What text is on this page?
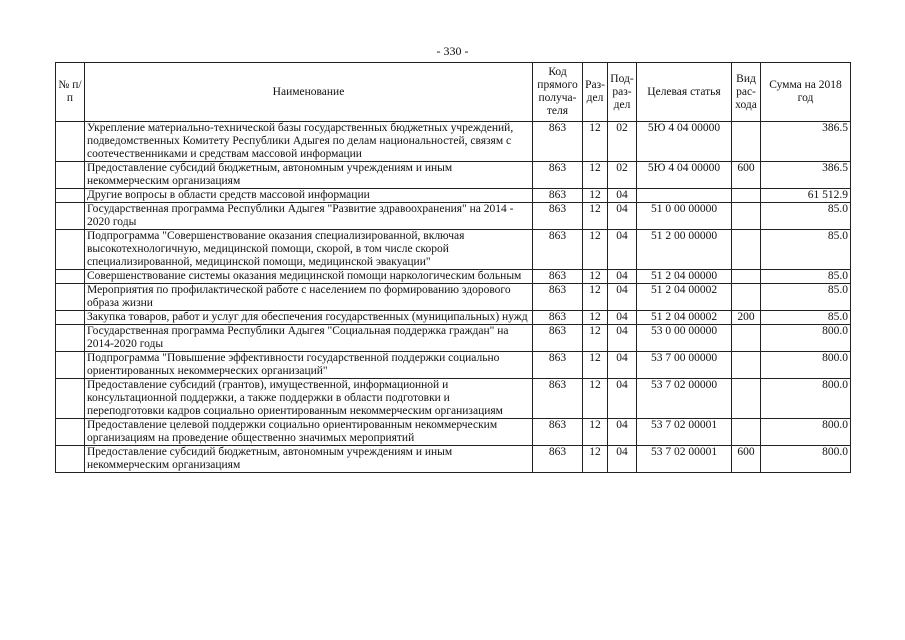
- 330 -
№ п/п	Наименование	Код прямого получа-теля	Раз-дел	Под-раз-дел	Целевая статья	Вид рас-хода	Сумма на 2018 год
	Укрепление материально-технической базы государственных бюджетных учреждений, подведомственных Комитету Республики Адыгея по делам национальностей, связям с соотечественниками и средствам массовой информации	863	12	02	5Ю 4 04 00000		386.5
	Предоставление субсидий бюджетным, автономным учреждениям и иным некоммерческим организациям	863	12	02	5Ю 4 04 00000	600	386.5
	Другие вопросы в области средств массовой информации	863	12	04			61 512.9
	Государственная программа Республики Адыгея "Развитие здравоохранения" на 2014 - 2020 годы	863	12	04	51 0 00 00000		85.0
	Подпрограмма "Совершенствование оказания специализированной, включая высокотехнологичную, медицинской помощи, скорой, в том числе скорой специализированной, медицинской помощи, медицинской эвакуации"	863	12	04	51 2 00 00000		85.0
	Совершенствование системы оказания медицинской помощи наркологическим больным	863	12	04	51 2 04 00000		85.0
	Мероприятия по профилактической работе с населением по формированию здорового образа жизни	863	12	04	51 2 04 00002		85.0
	Закупка товаров, работ и услуг для обеспечения государственных (муниципальных) нужд	863	12	04	51 2 04 00002	200	85.0
	Государственная программа Республики Адыгея "Социальная поддержка граждан" на 2014-2020 годы	863	12	04	53 0 00 00000		800.0
	Подпрограмма "Повышение эффективности государственной поддержки социально ориентированных некоммерческих организаций"	863	12	04	53 7 00 00000		800.0
	Предоставление субсидий (грантов), имущественной, информационной и консультационной поддержки, а также поддержки в области подготовки и переподготовки кадров социально ориентированным некоммерческим организациям	863	12	04	53 7 02 00000		800.0
	Предоставление целевой поддержки социально ориентированным некоммерческим организациям на проведение общественно значимых мероприятий	863	12	04	53 7 02 00001		800.0
	Предоставление субсидий бюджетным, автономным учреждениям и иным некоммерческим организациям	863	12	04	53 7 02 00001	600	800.0
